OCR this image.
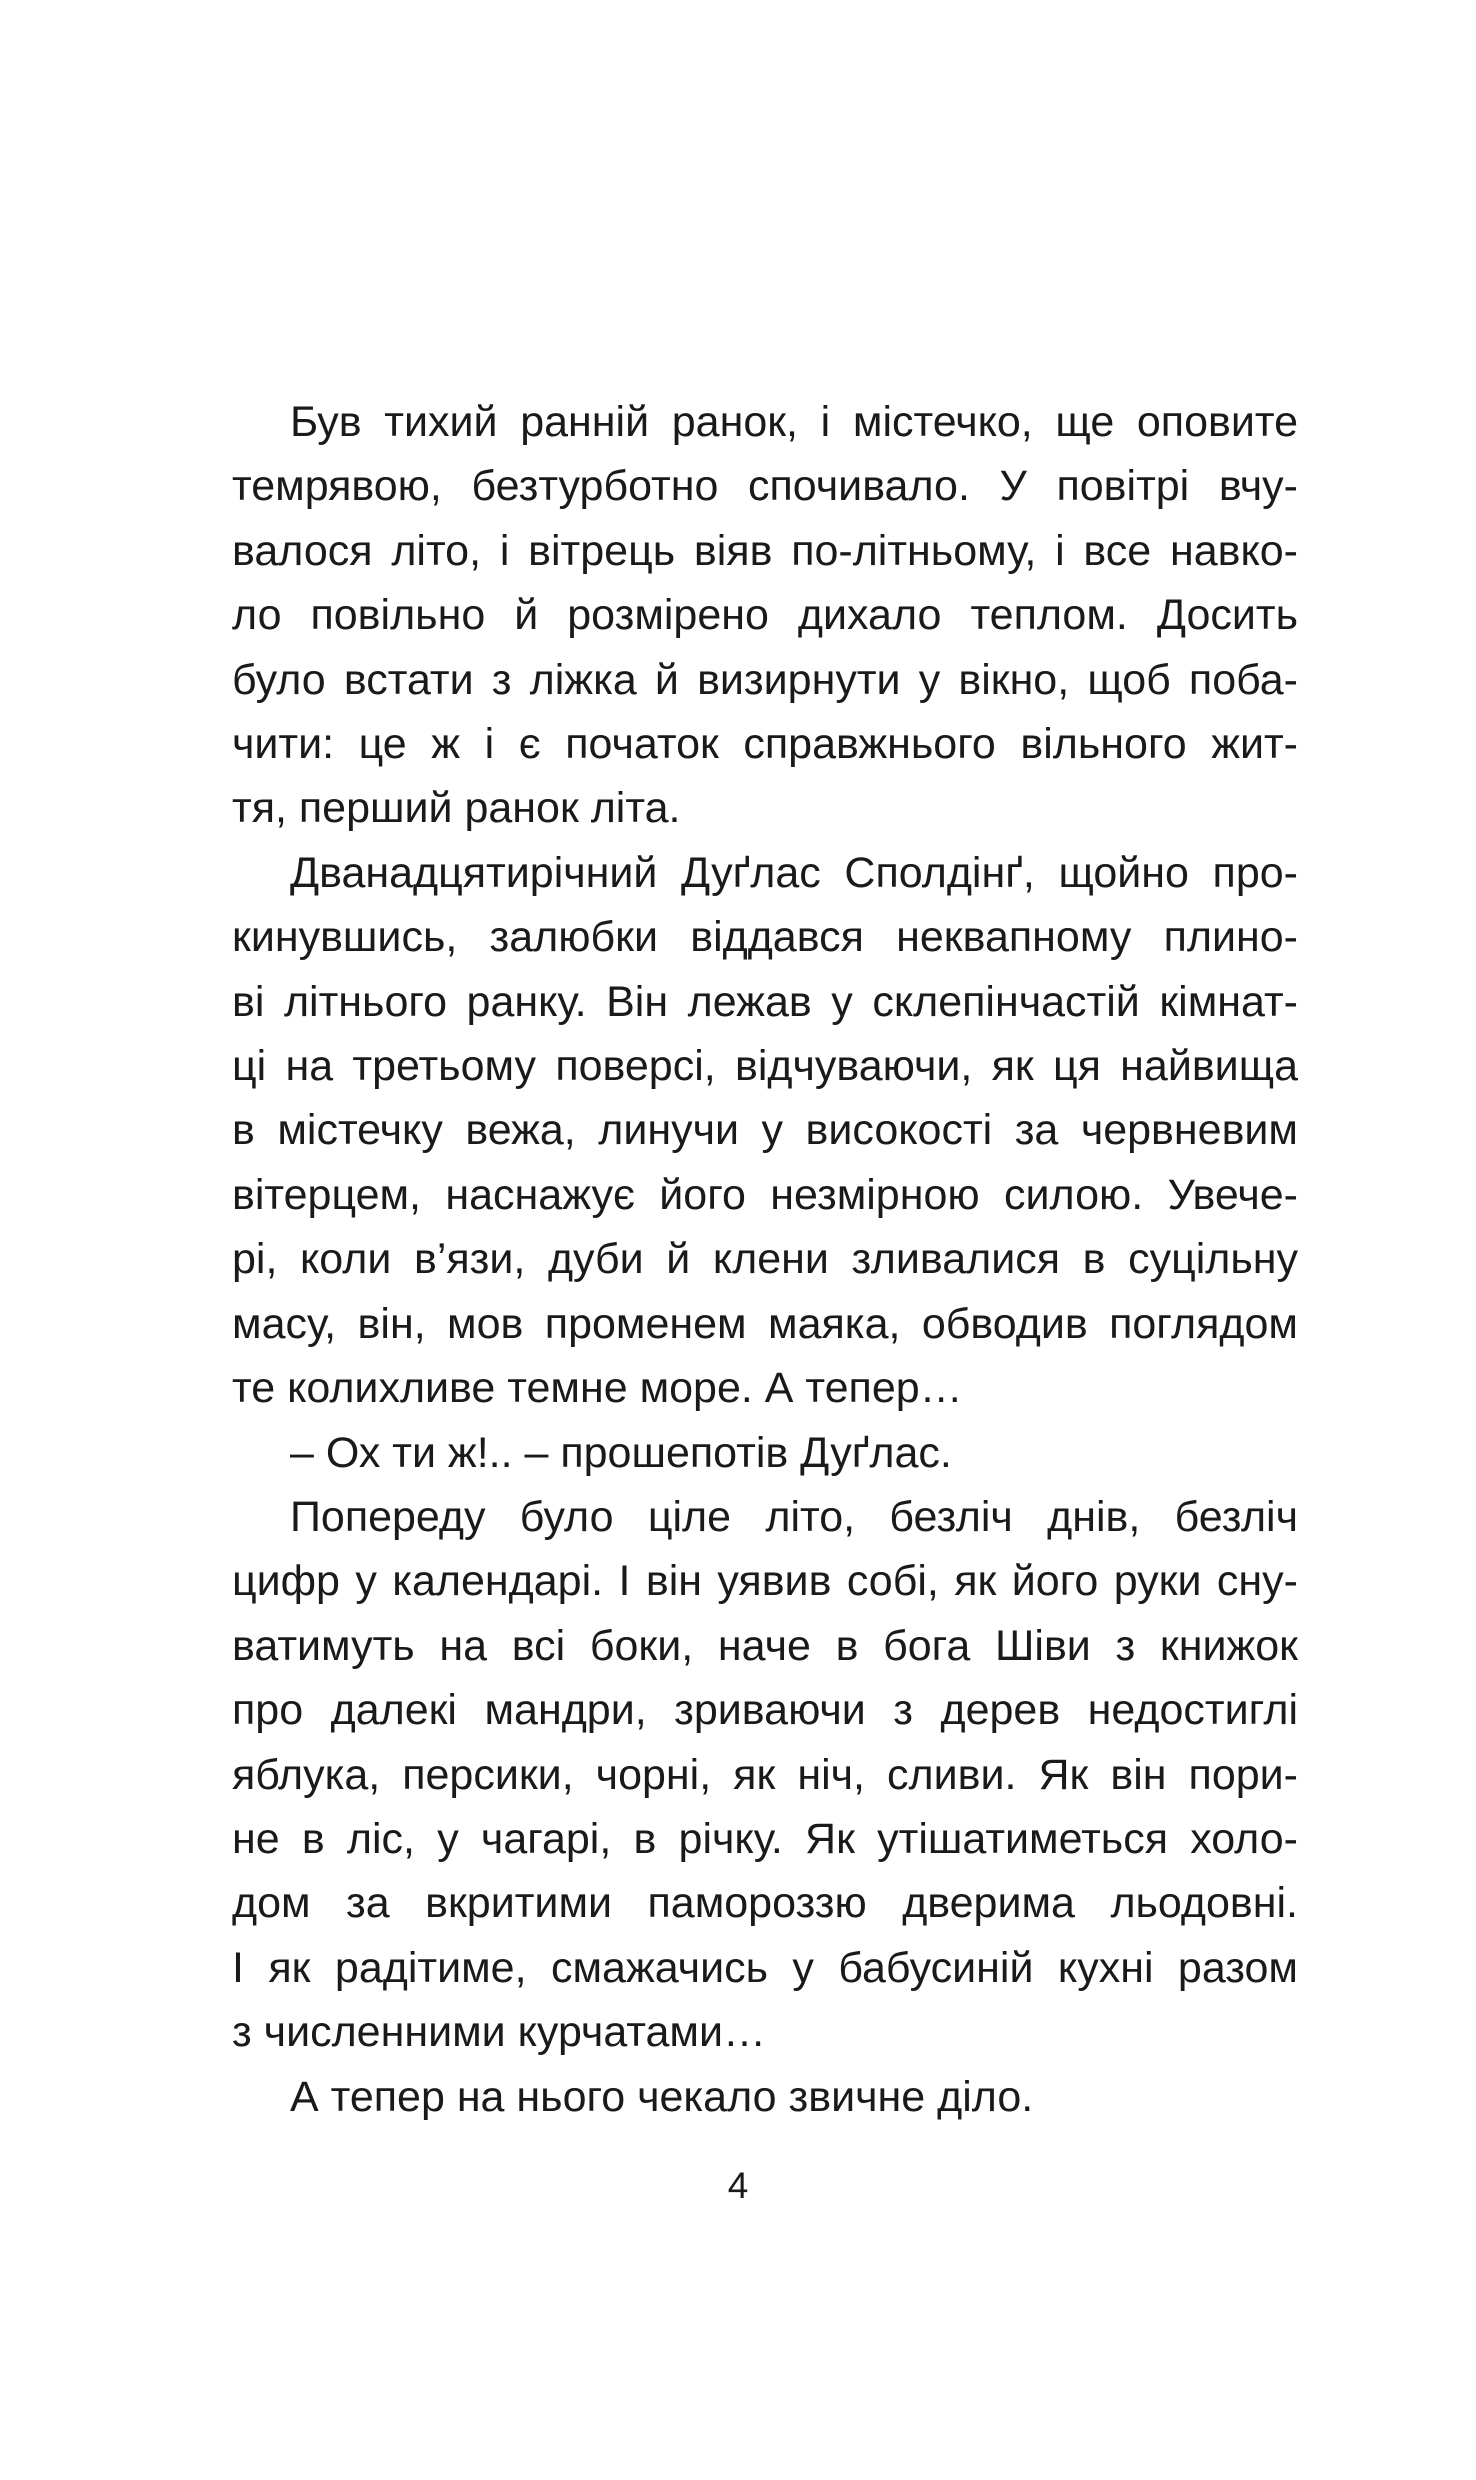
Був тихий ранній ранок, і містечко, ще оповите
темрявою, безтурботно спочивало. У повітрі вчу-
валося літо, і вітрець віяв по-літньому, і все навко-
ло повільно й розмірено дихало теплом. Досить
було встати з ліжка й визирнути у вікно, щоб поба-
чити: це ж і є початок справжнього вільного жит-
тя, перший ранок літа.

Дванадцятирічний Дуґлас Сполдінґ, щойно про-
кинувшись, залюбки віддався неквапному плино-
ві літнього ранку. Він лежав у склепінчастій кімнат-
ці на третьому поверсі, відчуваючи, як ця найвища
в містечку вежа, линучи у високості за червневим
вітерцем, наснажує його незмірною силою. Увече-
рі, коли в’язи, дуби й клени зливалися в суцільну
масу, він, мов променем маяка, обводив поглядом
те колихливе темне море. А тепер…

– Ох ти ж!.. – прошепотів Дуґлас.

Попереду було ціле літо, безліч днів, безліч
цифр у календарі. І він уявив собі, як його руки сну-
ватимуть на всі боки, наче в бога Шіви з книжок
про далекі мандри, зриваючи з дерев недостиглі
яблука, персики, чорні, як ніч, сливи. Як він пори-
не в ліс, у чагарі, в річку. Як утішатиметься холо-
дом за вкритими памороззю дверима льодовні.
І як радітиме, смажачись у бабусиній кухні разом
з численними курчатами…

А тепер на нього чекало звичне діло.

4
